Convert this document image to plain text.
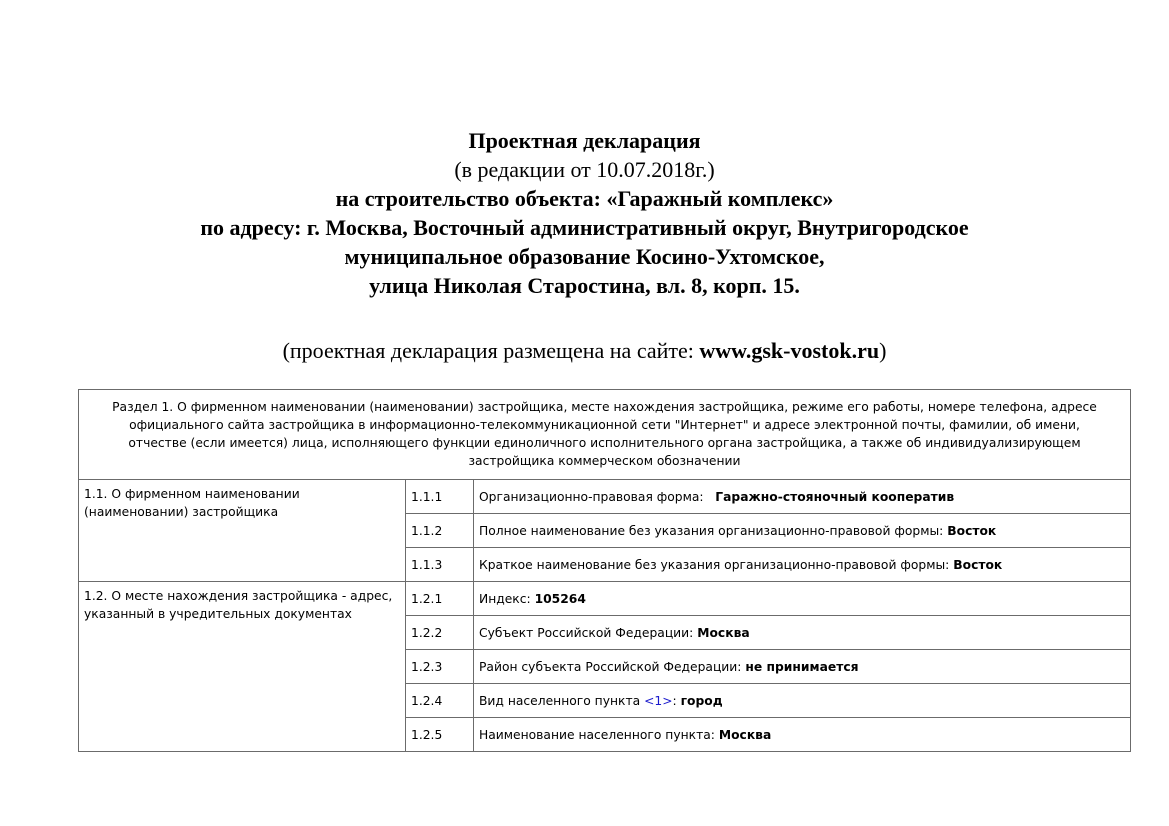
Проектная декларация
(в редакции от 10.07.2018г.)
на строительство объекта: «Гаражный комплекс»
по адресу: г. Москва, Восточный административный округ, Внутригородское
муниципальное образование Косино-Ухтомское,
улица Николая Старостина, вл. 8, корп. 15.
(проектная декларация размещена на сайте: www.gsk-vostok.ru)
Раздел 1. О фирменном наименовании (наименовании) застройщика, месте нахождения застройщика, режиме его работы, номере телефона, адресе официального сайта застройщика в информационно-телекоммуникационной сети "Интернет" и адресе электронной почты, фамилии, об имени, отчестве (если имеется) лица, исполняющего функции единоличного исполнительного органа застройщика, а также об индивидуализирующем застройщика коммерческом обозначении		
1.1. О фирменном наименовании (наименовании) застройщика	1.1.1	Организационно-правовая форма: Гаражно-стояночный кооператив
	1.1.2	Полное наименование без указания организационно-правовой формы: Восток
	1.1.3	Краткое наименование без указания организационно-правовой формы: Восток
1.2. О месте нахождения застройщика - адрес, указанный в учредительных документах	1.2.1	Индекс: 105264
	1.2.2	Субъект Российской Федерации: Москва
	1.2.3	Район субъекта Российской Федерации: не принимается
	1.2.4	Вид населенного пункта <1>: город
	1.2.5	Наименование населенного пункта: Москва
